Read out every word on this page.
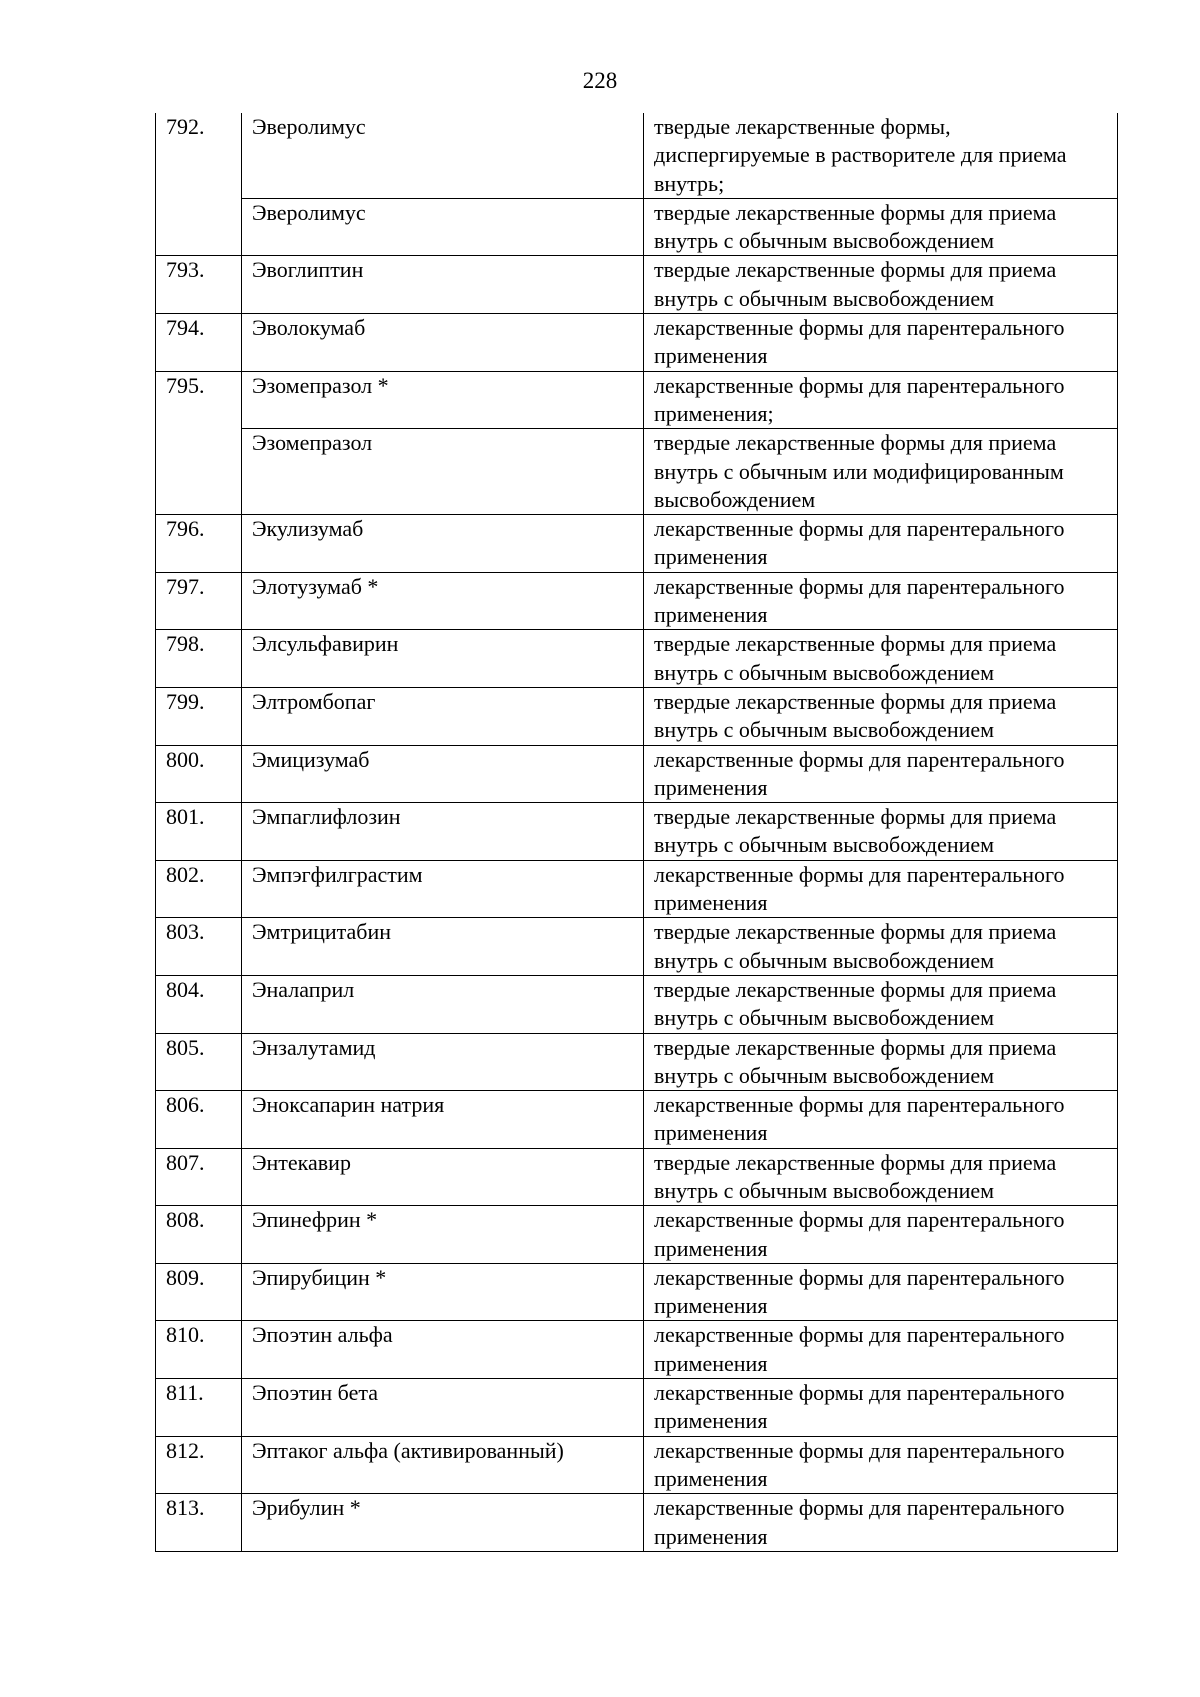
228
792.	Эверолимус	твердые лекарственные формы, диспергируемые в растворителе для приема внутрь;
	Эверолимус	твердые лекарственные формы для приема внутрь с обычным высвобождением
793.	Эвоглиптин	твердые лекарственные формы для приема внутрь с обычным высвобождением
794.	Эволокумаб	лекарственные формы для парентерального применения
795.	Эзомепразол *	лекарственные формы для парентерального применения;
	Эзомепразол	твердые лекарственные формы для приема внутрь с обычным или модифицированным высвобождением
796.	Экулизумаб	лекарственные формы для парентерального применения
797.	Элотузумаб *	лекарственные формы для парентерального применения
798.	Элсульфавирин	твердые лекарственные формы для приема внутрь с обычным высвобождением
799.	Элтромбопаг	твердые лекарственные формы для приема внутрь с обычным высвобождением
800.	Эмицизумаб	лекарственные формы для парентерального применения
801.	Эмпаглифлозин	твердые лекарственные формы для приема внутрь с обычным высвобождением
802.	Эмпэгфилграстим	лекарственные формы для парентерального применения
803.	Эмтрицитабин	твердые лекарственные формы для приема внутрь с обычным высвобождением
804.	Эналаприл	твердые лекарственные формы для приема внутрь с обычным высвобождением
805.	Энзалутамид	твердые лекарственные формы для приема внутрь с обычным высвобождением
806.	Эноксапарин натрия	лекарственные формы для парентерального применения
807.	Энтекавир	твердые лекарственные формы для приема внутрь с обычным высвобождением
808.	Эпинефрин *	лекарственные формы для парентерального применения
809.	Эпирубицин *	лекарственные формы для парентерального применения
810.	Эпоэтин альфа	лекарственные формы для парентерального применения
811.	Эпоэтин бета	лекарственные формы для парентерального применения
812.	Эптаког альфа (активированный)	лекарственные формы для парентерального применения
813.	Эрибулин *	лекарственные формы для парентерального применения
